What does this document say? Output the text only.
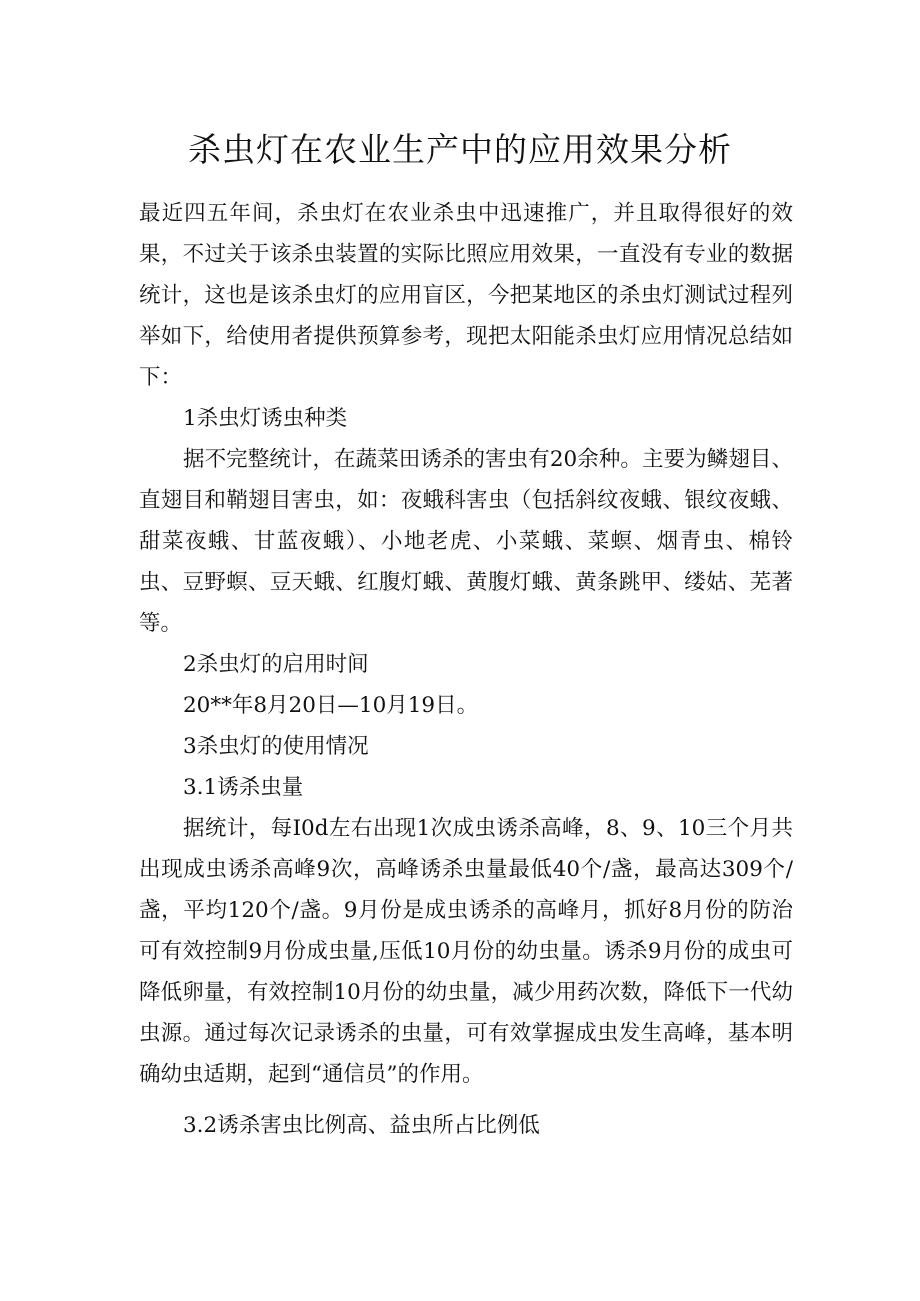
杀虫灯在农业生产中的应用效果分析

最近四五年间，杀虫灯在农业杀虫中迅速推广，并且取得很好的效果，不过关于该杀虫装置的实际比照应用效果，一直没有专业的数据统计，这也是该杀虫灯的应用盲区，今把某地区的杀虫灯测试过程列举如下，给使用者提供预算参考，现把太阳能杀虫灯应用情况总结如下：

1杀虫灯诱虫种类

据不完整统计，在蔬菜田诱杀的害虫有20余种。主要为鳞翅目、直翅目和鞘翅目害虫，如：夜蛾科害虫（包括斜纹夜蛾、银纹夜蛾、甜菜夜蛾、甘蓝夜蛾）、小地老虎、小菜蛾、菜螟、烟青虫、棉铃虫、豆野螟、豆天蛾、红腹灯蛾、黄腹灯蛾、黄条跳甲、缕姑、芜著等。

2杀虫灯的启用时间

20**年8月20日—10月19日。

3杀虫灯的使用情况

3.1诱杀虫量

据统计，每I0d左右出现1次成虫诱杀高峰，8、9、10三个月共出现成虫诱杀高峰9次，高峰诱杀虫量最低40个/盏，最高达309个/盏，平均120个/盏。9月份是成虫诱杀的高峰月，抓好8月份的防治可有效控制9月份成虫量,压低10月份的幼虫量。诱杀9月份的成虫可降低卵量，有效控制10月份的幼虫量，减少用药次数，降低下一代幼虫源。通过每次记录诱杀的虫量，可有效掌握成虫发生高峰，基本明确幼虫适期，起到“通信员”的作用。

3.2诱杀害虫比例高、益虫所占比例低
